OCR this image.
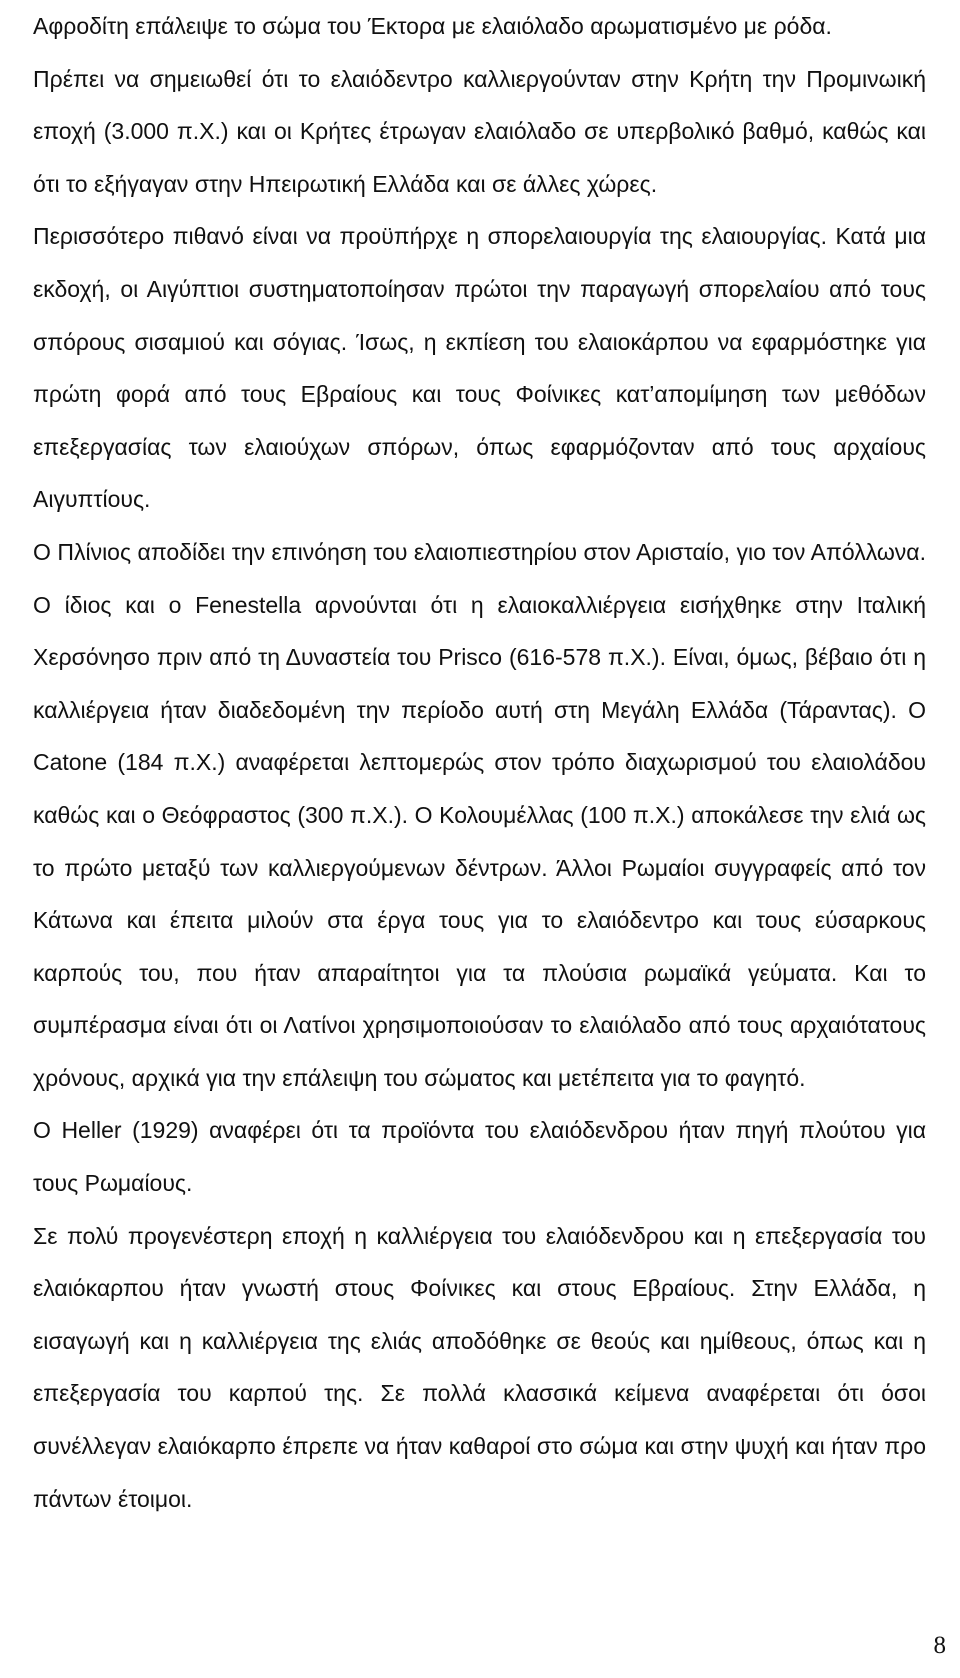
Αφροδίτη επάλειψε το σώμα του Έκτορα με ελαιόλαδο αρωματισμένο με ρόδα.

Πρέπει να σημειωθεί ότι το ελαιόδεντρο καλλιεργούνταν στην Κρήτη την Προμινωική εποχή (3.000 π.Χ.) και οι Κρήτες έτρωγαν ελαιόλαδο σε υπερβολικό βαθμό, καθώς και ότι το εξήγαγαν στην Ηπειρωτική Ελλάδα και σε άλλες χώρες.

Περισσότερο πιθανό είναι να προϋπήρχε η σπορελαιουργία της ελαιουργίας. Κατά μια εκδοχή, οι Αιγύπτιοι συστηματοποίησαν πρώτοι την παραγωγή σπορελαίου από τους σπόρους σισαμιού και σόγιας. Ίσως, η εκπίεση του ελαιοκάρπου να εφαρμόστηκε για πρώτη φορά από τους Εβραίους και τους Φοίνικες κατ’απομίμηση των μεθόδων επεξεργασίας των ελαιούχων σπόρων, όπως εφαρμόζονταν από τους αρχαίους Αιγυπτίους.

Ο Πλίνιος αποδίδει την επινόηση του ελαιοπιεστηρίου στον Αρισταίο, γιο τον Απόλλωνα. Ο ίδιος και ο Fenestella αρνούνται ότι η ελαιοκαλλιέργεια εισήχθηκε στην Ιταλική Χερσόνησο πριν από τη Δυναστεία του Prisco (616-578 π.Χ.). Είναι, όμως, βέβαιο ότι η καλλιέργεια ήταν διαδεδομένη την περίοδο αυτή στη Μεγάλη Ελλάδα (Τάραντας). Ο Catone (184 π.Χ.) αναφέρεται λεπτομερώς στον τρόπο διαχωρισμού του ελαιολάδου καθώς και ο Θεόφραστος (300 π.Χ.). Ο Κολουμέλλας (100 π.Χ.) αποκάλεσε την ελιά ως το πρώτο μεταξύ των καλλιεργούμενων δέντρων. Άλλοι Ρωμαίοι συγγραφείς από τον Κάτωνα και έπειτα μιλούν στα έργα τους για το ελαιόδεντρο και τους εύσαρκους καρπούς του, που ήταν απαραίτητοι για τα πλούσια ρωμαϊκά γεύματα. Και το συμπέρασμα είναι ότι οι Λατίνοι χρησιμοποιούσαν το ελαιόλαδο από τους αρχαιότατους χρόνους, αρχικά για την επάλειψη του σώματος και μετέπειτα για το φαγητό.

Ο Heller (1929) αναφέρει ότι τα προϊόντα του ελαιόδενδρου ήταν πηγή πλούτου για τους Ρωμαίους.

Σε πολύ προγενέστερη εποχή η καλλιέργεια του ελαιόδενδρου και η επεξεργασία του ελαιόκαρπου ήταν γνωστή στους Φοίνικες και στους Εβραίους. Στην Ελλάδα, η εισαγωγή και η καλλιέργεια της ελιάς αποδόθηκε σε θεούς και ημίθεους, όπως και η επεξεργασία του καρπού της. Σε πολλά κλασσικά κείμενα αναφέρεται ότι όσοι συνέλλεγαν ελαιόκαρπο έπρεπε να ήταν καθαροί στο σώμα και στην ψυχή και ήταν προ πάντων έτοιμοι.

8
